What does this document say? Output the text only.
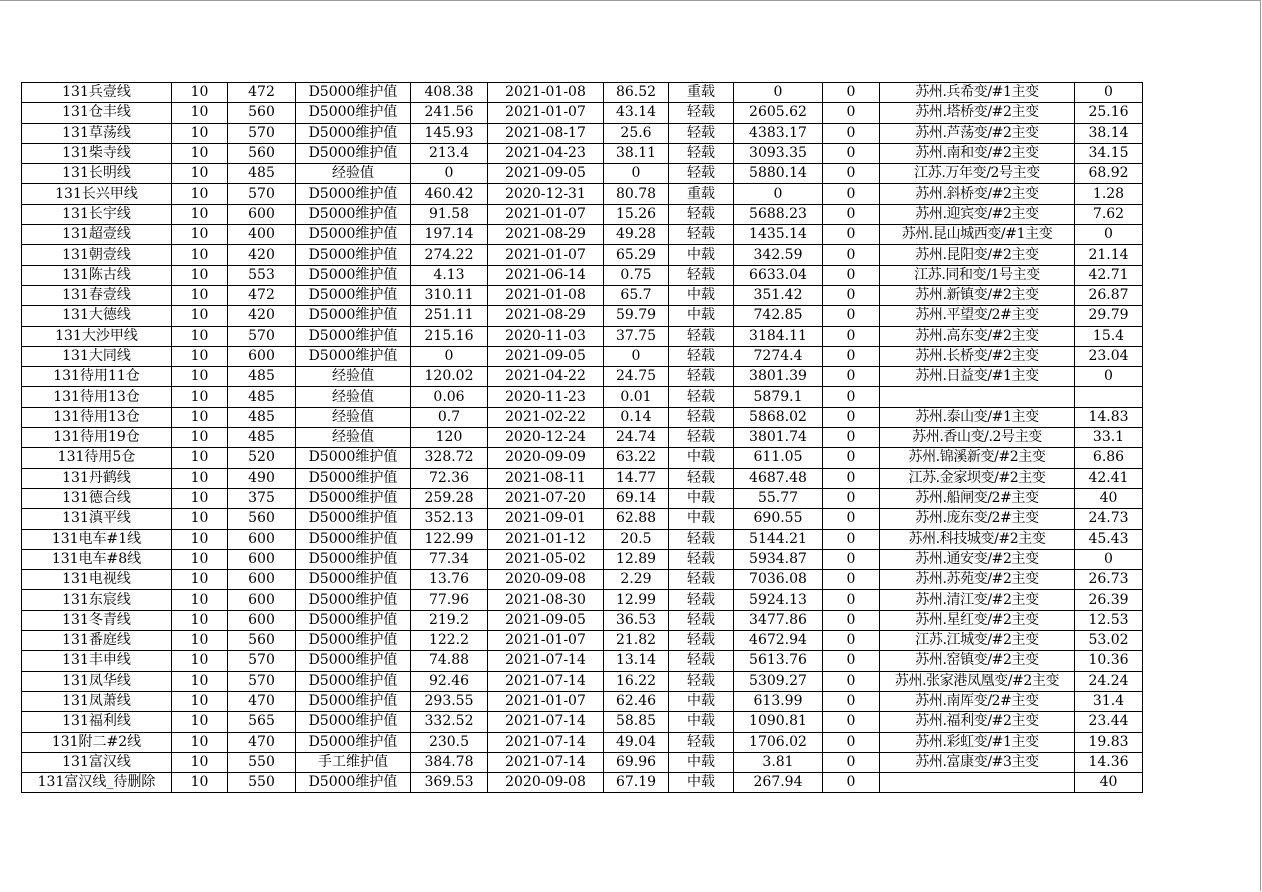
131兵壹线	10	472	D5000维护值	408.38	2021-01-08	86.52	重载	0	0	苏州.兵希变/#1主变	0
131仓丰线	10	560	D5000维护值	241.56	2021-01-07	43.14	轻载	2605.62	0	苏州.塔桥变/#2主变	25.16
131草荡线	10	570	D5000维护值	145.93	2021-08-17	25.6	轻载	4383.17	0	苏州.芦荡变/#2主变	38.14
131柴寺线	10	560	D5000维护值	213.4	2021-04-23	38.11	轻载	3093.35	0	苏州.南和变/#2主变	34.15
131长明线	10	485	经验值	0	2021-09-05	0	轻载	5880.14	0	江苏.万年变/2号主变	68.92
131长兴甲线	10	570	D5000维护值	460.42	2020-12-31	80.78	重载	0	0	苏州.斜桥变/#2主变	1.28
131长宇线	10	600	D5000维护值	91.58	2021-01-07	15.26	轻载	5688.23	0	苏州.迎宾变/#2主变	7.62
131超壹线	10	400	D5000维护值	197.14	2021-08-29	49.28	轻载	1435.14	0	苏州.昆山城西变/#1主变	0
131朝壹线	10	420	D5000维护值	274.22	2021-01-07	65.29	中载	342.59	0	苏州.昆阳变/#2主变	21.14
131陈古线	10	553	D5000维护值	4.13	2021-06-14	0.75	轻载	6633.04	0	江苏.同和变/1号主变	42.71
131春壹线	10	472	D5000维护值	310.11	2021-01-08	65.7	中载	351.42	0	苏州.新镇变/#2主变	26.87
131大德线	10	420	D5000维护值	251.11	2021-08-29	59.79	中载	742.85	0	苏州.平望变/2#主变	29.79
131大沙甲线	10	570	D5000维护值	215.16	2020-11-03	37.75	轻载	3184.11	0	苏州.高东变/#2主变	15.4
131大同线	10	600	D5000维护值	0	2021-09-05	0	轻载	7274.4	0	苏州.长桥变/#2主变	23.04
131待用11仓	10	485	经验值	120.02	2021-04-22	24.75	轻载	3801.39	0	苏州.日益变/#1主变	0
131待用13仓	10	485	经验值	0.06	2020-11-23	0.01	轻载	5879.1	0		
131待用13仓	10	485	经验值	0.7	2021-02-22	0.14	轻载	5868.02	0	苏州.泰山变/#1主变	14.83
131待用19仓	10	485	经验值	120	2020-12-24	24.74	轻载	3801.74	0	苏州.香山变/.2号主变	33.1
131待用5仓	10	520	D5000维护值	328.72	2020-09-09	63.22	中载	611.05	0	苏州.锦溪新变/#2主变	6.86
131丹鹤线	10	490	D5000维护值	72.36	2021-08-11	14.77	轻载	4687.48	0	江苏.金家坝变/#2主变	42.41
131德合线	10	375	D5000维护值	259.28	2021-07-20	69.14	中载	55.77	0	苏州.船闸变/2#主变	40
131滇平线	10	560	D5000维护值	352.13	2021-09-01	62.88	中载	690.55	0	苏州.庞东变/2#主变	24.73
131电车#1线	10	600	D5000维护值	122.99	2021-01-12	20.5	轻载	5144.21	0	苏州.科技城变/#2主变	45.43
131电车#8线	10	600	D5000维护值	77.34	2021-05-02	12.89	轻载	5934.87	0	苏州.通安变/#2主变	0
131电视线	10	600	D5000维护值	13.76	2020-09-08	2.29	轻载	7036.08	0	苏州.苏苑变/#2主变	26.73
131东宸线	10	600	D5000维护值	77.96	2021-08-30	12.99	轻载	5924.13	0	苏州.清江变/#2主变	26.39
131冬青线	10	600	D5000维护值	219.2	2021-09-05	36.53	轻载	3477.86	0	苏州.星红变/#2主变	12.53
131番庭线	10	560	D5000维护值	122.2	2021-01-07	21.82	轻载	4672.94	0	江苏.江城变/#2主变	53.02
131丰申线	10	570	D5000维护值	74.88	2021-07-14	13.14	轻载	5613.76	0	苏州.窑镇变/#2主变	10.36
131凤华线	10	570	D5000维护值	92.46	2021-07-14	16.22	轻载	5309.27	0	苏州.张家港凤凰变/#2主变	24.24
131凤萧线	10	470	D5000维护值	293.55	2021-01-07	62.46	中载	613.99	0	苏州.南厍变/2#主变	31.4
131福利线	10	565	D5000维护值	332.52	2021-07-14	58.85	中载	1090.81	0	苏州.福利变/#2主变	23.44
131附二#2线	10	470	D5000维护值	230.5	2021-07-14	49.04	轻载	1706.02	0	苏州.彩虹变/#1主变	19.83
131富汉线	10	550	手工维护值	384.78	2021-07-14	69.96	中载	3.81	0	苏州.富康变/#3主变	14.36
131富汉线_待删除	10	550	D5000维护值	369.53	2020-09-08	67.19	中载	267.94	0		40
